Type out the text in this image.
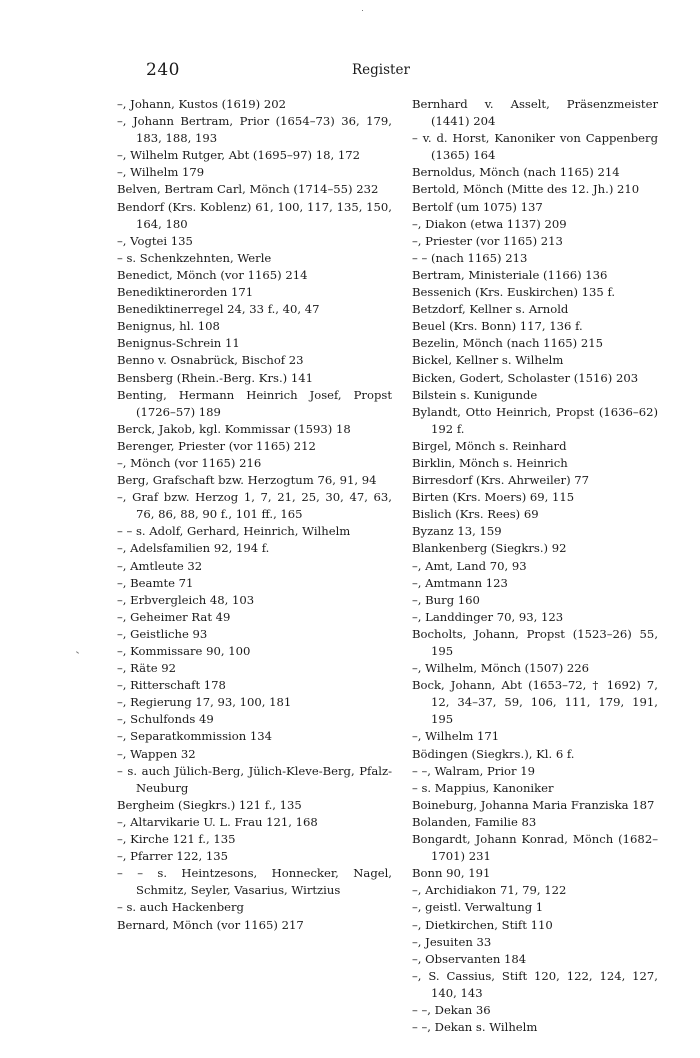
240	Register
–, Johann, Kustos (1619) 202
–, Johann Bertram, Prior (1654–73) 36, 179, 183, 188, 193
–, Wilhelm Rutger, Abt (1695–97) 18, 172
–, Wilhelm 179
Belven, Bertram Carl, Mönch (1714–55) 232
Bendorf (Krs. Koblenz) 61, 100, 117, 135, 150, 164, 180
–, Vogtei 135
– s. Schenkzehnten, Werle
Benedict, Mönch (vor 1165) 214
Benediktinerorden 171
Benediktinerregel 24, 33 f., 40, 47
Benignus, hl. 108
Benignus-Schrein 11
Benno v. Osnabrück, Bischof 23
Bensberg (Rhein.-Berg. Krs.) 141
Benting, Hermann Heinrich Josef, Propst (1726–57) 189
Berck, Jakob, kgl. Kommissar (1593) 18
Berenger, Priester (vor 1165) 212
–, Mönch (vor 1165) 216
Berg, Grafschaft bzw. Herzogtum 76, 91, 94
–, Graf bzw. Herzog 1, 7, 21, 25, 30, 47, 63, 76, 86, 88, 90 f., 101 ff., 165
– – s. Adolf, Gerhard, Heinrich, Wilhelm
–, Adelsfamilien 92, 194 f.
–, Amtleute 32
–, Beamte 71
–, Erbvergleich 48, 103
–, Geheimer Rat 49
–, Geistliche 93
–, Kommissare 90, 100
–, Räte 92
–, Ritterschaft 178
–, Regierung 17, 93, 100, 181
–, Schulfonds 49
–, Separatkommission 134
–, Wappen 32
– s. auch Jülich-Berg, Jülich-Kleve-Berg, Pfalz-Neuburg
Bergheim (Siegkrs.) 121 f., 135
–, Altarvikarie U. L. Frau 121, 168
–, Kirche 121 f., 135
–, Pfarrer 122, 135
– – s. Heintzesons, Honnecker, Nagel, Schmitz, Seyler, Vasarius, Wirtzius
– s. auch Hackenberg
Bernard, Mönch (vor 1165) 217
Bernhard v. Asselt, Präsenzmeister (1441) 204
– v. d. Horst, Kanoniker von Cappenberg (1365) 164
Bernoldus, Mönch (nach 1165) 214
Bertold, Mönch (Mitte des 12. Jh.) 210
Bertolf (um 1075) 137
–, Diakon (etwa 1137) 209
–, Priester (vor 1165) 213
– – (nach 1165) 213
Bertram, Ministeriale (1166) 136
Bessenich (Krs. Euskirchen) 135 f.
Betzdorf, Kellner s. Arnold
Beuel (Krs. Bonn) 117, 136 f.
Bezelin, Mönch (nach 1165) 215
Bickel, Kellner s. Wilhelm
Bicken, Godert, Scholaster (1516) 203
Bilstein s. Kunigunde
Bylandt, Otto Heinrich, Propst (1636–62) 192 f.
Birgel, Mönch s. Reinhard
Birklin, Mönch s. Heinrich
Birresdorf (Krs. Ahrweiler) 77
Birten (Krs. Moers) 69, 115
Bislich (Krs. Rees) 69
Byzanz 13, 159
Blankenberg (Siegkrs.) 92
–, Amt, Land 70, 93
–, Amtmann 123
–, Burg 160
–, Landdinger 70, 93, 123
Bocholts, Johann, Propst (1523–26) 55, 195
–, Wilhelm, Mönch (1507) 226
Bock, Johann, Abt (1653–72, † 1692) 7, 12, 34–37, 59, 106, 111, 179, 191, 195
–, Wilhelm 171
Bödingen (Siegkrs.), Kl. 6 f.
– –, Walram, Prior 19
– s. Mappius, Kanoniker
Boineburg, Johanna Maria Franziska 187
Bolanden, Familie 83
Bongardt, Johann Konrad, Mönch (1682–1701) 231
Bonn 90, 191
–, Archidiakon 71, 79, 122
–, geistl. Verwaltung 1
–, Dietkirchen, Stift 110
–, Jesuiten 33
–, Observanten 184
–, S. Cassius, Stift 120, 122, 124, 127, 140, 143
– –, Dekan 36
– –, Dekan s. Wilhelm
